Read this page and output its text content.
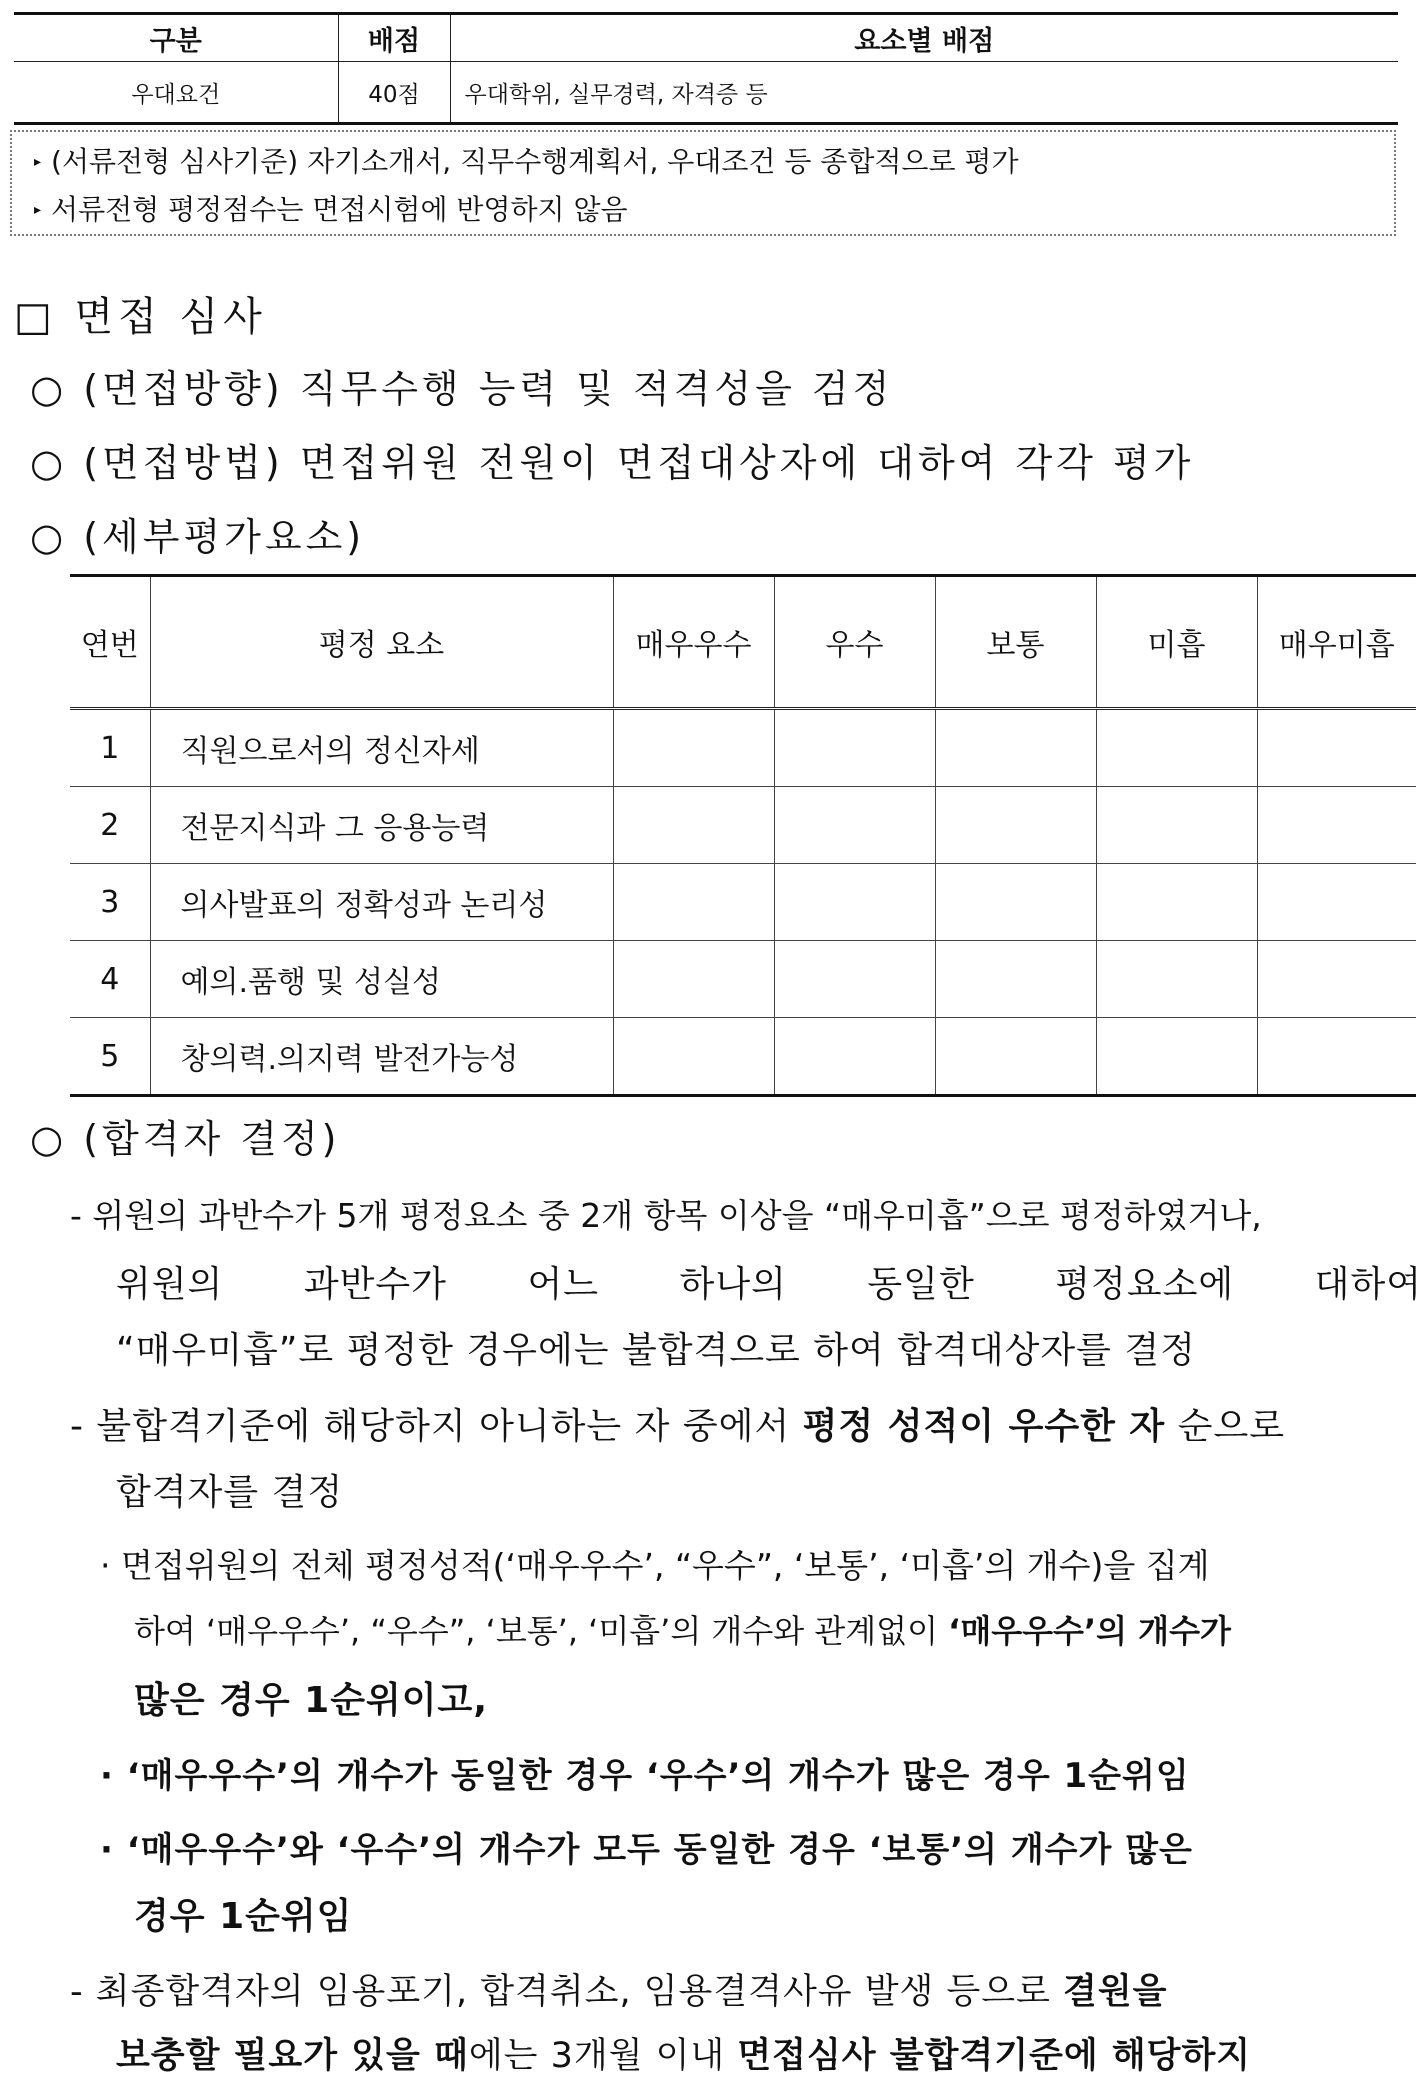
구분	배점	요소별 배점
우대요건	40점	우대학위, 실무경력, 자격증 등
▸ (서류전형 심사기준) 자기소개서, 직무수행계획서, 우대조건 등 종합적으로 평가
▸ 서류전형 평정점수는 면접시험에 반영하지 않음
□ 면접 심사
○ (면접방향) 직무수행 능력 및 적격성을 검정
○ (면접방법) 면접위원 전원이 면접대상자에 대하여 각각 평가
○ (세부평가요소)
연번	평정 요소	매우우수	우수	보통	미흡	매우미흡
1	직원으로서의 정신자세					
2	전문지식과 그 응용능력					
3	의사발표의 정확성과 논리성					
4	예의.품행 및 성실성					
5	창의력.의지력 발전가능성					
○ (합격자 결정)
- 위원의 과반수가 5개 평정요소 중 2개 항목 이상을 “매우미흡”으로 평정하였거나,
위원의 과반수가 어느 하나의 동일한 평정요소에 대하여
“매우미흡”로 평정한 경우에는 불합격으로 하여 합격대상자를 결정
- 불합격기준에 해당하지 아니하는 자 중에서 평정 성적이 우수한 자 순으로
합격자를 결정
· 면접위원의 전체 평정성적(‘매우우수’, “우수”, ‘보통’, ‘미흡’의 개수)을 집계
하여 ‘매우우수’, “우수”, ‘보통’, ‘미흡’의 개수와 관계없이 ‘매우우수’의 개수가
많은 경우 1순위이고,
· ‘매우우수’의 개수가 동일한 경우 ‘우수’의 개수가 많은 경우 1순위임
· ‘매우우수’와 ‘우수’의 개수가 모두 동일한 경우 ‘보통’의 개수가 많은
경우 1순위임
- 최종합격자의 임용포기, 합격취소, 임용결격사유 발생 등으로 결원을
보충할 필요가 있을 때에는 3개월 이내 면접심사 불합격기준에 해당하지
